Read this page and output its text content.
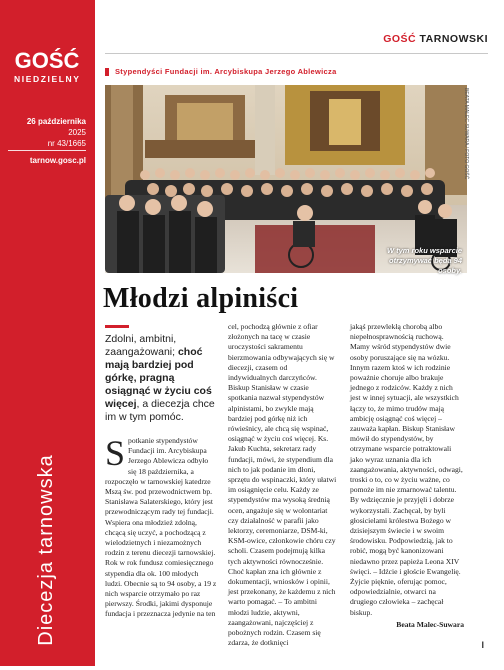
GOŚĆ
NIEDZIELNY
26 października
2025
nr 43/1665
tarnow.gosc.pl
Diecezja tarnowska
GOŚĆ TARNOWSKI
Stypendyści Fundacji im. Arcybiskupa Jerzego Ablewicza
BEATA MALEC-SUWARA / FOTO GOŚĆ
W tym roku wsparcie otrzymywać będą 94 osoby.
Młodzi alpiniści
Zdolni, ambitni, zaangażowani; choć mają bardziej pod górkę, pragną osiągnąć w życiu coś więcej, a diecezja chce im w tym pomóc.

Spotkanie stypendystów Fundacji im. Arcybiskupa Jerzego Ablewicza odbyło się 18 października, a rozpoczęło w tarnowskiej katedrze Mszą św. pod przewodnictwem bp. Stanisława Salaterskiego, który jest przewodniczącym rady tej fundacji. Wspiera ona młodzież zdolną, chcącą się uczyć, a pochodzącą z wielodzietnych i niezamożnych rodzin z terenu diecezji tarnowskiej. Rok w rok fundusz comiesięcznego stypendia dla ok. 100 młodych ludzi. Obecnie są to 94 osoby, a 19 z nich wsparcie otrzymało po raz pierwszy. Środki, jakimi dysponuje fundacja i przeznacza jedynie na ten

cel, pochodzą głównie z ofiar złożonych na tacę w czasie uroczystości sakramentu bierzmowania odbywających się w diecezji, czasem od indywidualnych darczyńców. Biskup Stanisław w czasie spotkania nazwał stypendystów alpinistami, bo zwykle mają bardziej pod górkę niż ich rówieśnicy, ale chcą się wspinać, osiągnąć w życiu coś więcej. Ks. Jakub Kuchta, sekretarz rady fundacji, mówi, że stypendium dla nich to jak podanie im dłoni, sprzętu do wspinaczki, który ułatwi im osiągnięcie celu. Każdy ze stypendystów ma wysoką średnią ocen, angażuje się w wolontariat czy działalność w parafii jako lektorzy, ceremoniarze, DSM-ki, KSM-owice, członkowie chóru czy scholi. Czasem podejmują kilka tych aktywności równocześnie. Choć kapłan zna ich głównie z dokumentacji, wniosków i opinii, jest przekonany, że każdemu z nich warto pomagać. – To ambitni młodzi ludzie, aktywni, zaangażowani, najczęściej z pobożnych rodzin. Czasem się zdarza, że dotknięci
jakąś przewlekłą chorobą albo niepełnosprawnością ruchową. Mamy wśród stypendystów dwie osoby poruszające się na wózku. Innym razem ktoś w ich rodzinie poważnie choruje albo brakuje jednego z rodziców. Każdy z nich jest w innej sytuacji, ale wszystkich łączy to, że mimo trudów mają ambicję osiągnąć coś więcej – zauważa kapłan. Biskup Stanisław mówił do stypendystów, by otrzymane wsparcie potraktowali jako wyraz uznania dla ich zaangażowania, aktywności, odwagi, troski o to, co w życiu ważne, co pomoże im nie zmarnować talentu. By wdzięcznie je przyjęli i dobrze wykorzystali. Zachęcał, by byli głosicielami królestwa Bożego w dzisiejszym świecie i w swoim środowisku. Podpowiedzią, jak to robić, mogą być kanonizowani niedawno przez papieża Leona XIV święci. – Idźcie i głoście Ewangelię. Żyjcie pięknie, oferując pomoc, odpowiedzialnie, otwarci na drugiego człowieka – zachęcał biskup.
Beata Malec-Suwara
I
